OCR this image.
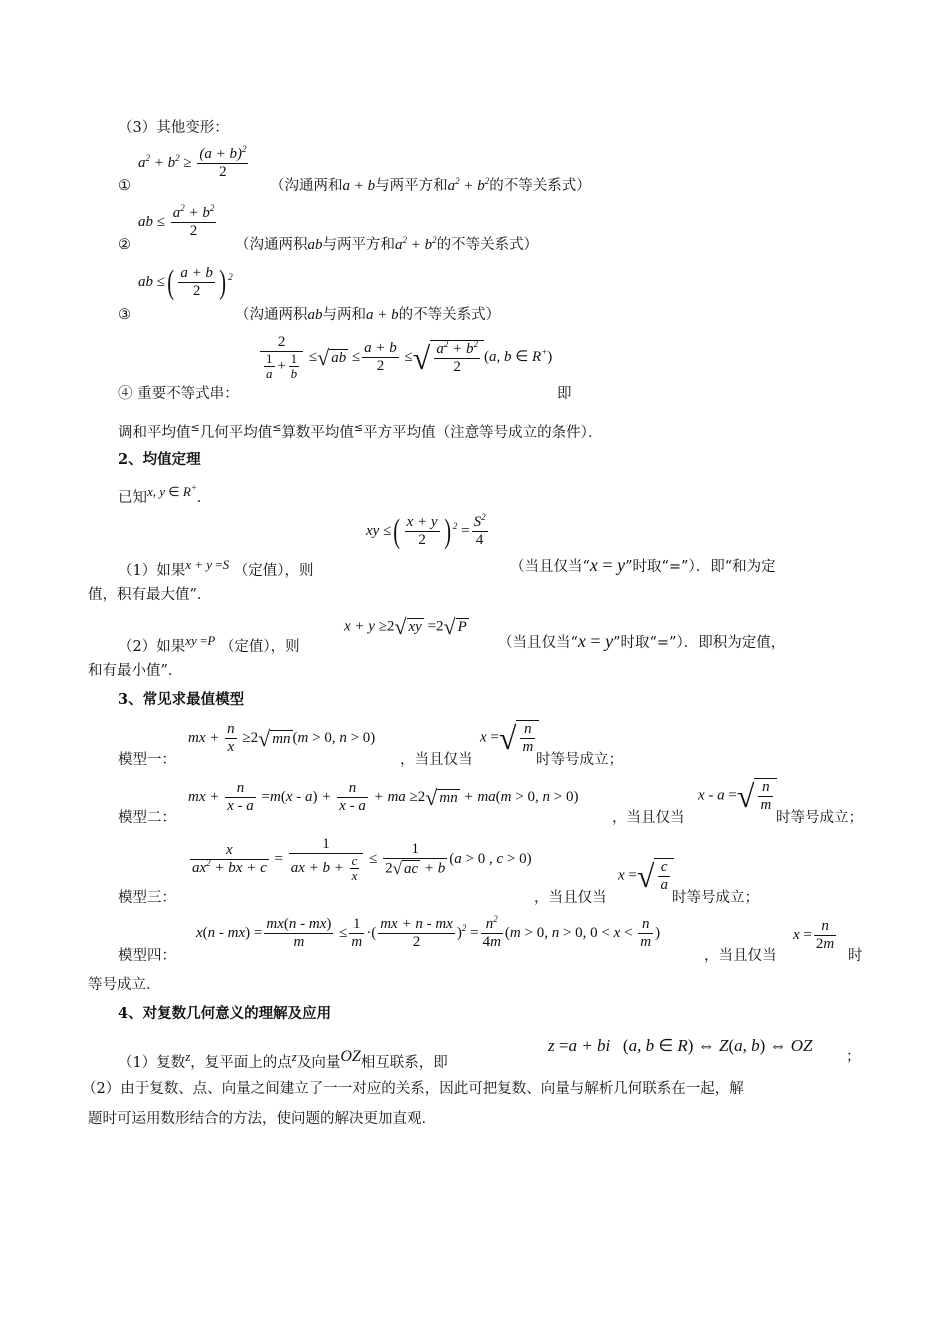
（3）其他变形：
①
$a^2 + b^2 \ge \frac{(a + b)^2}{2}$
（沟通两和a + b与两平方和$a^2 + b^2$的不等关系式）
②
ab ≤ $\frac{a^2 + b^2}{2}$
（沟通两积ab与两平方和$a^2 + b^2$的不等关系式）
③
ab ≤( $\frac{a + b}{2}$ ) $^2$
（沟通两积ab与两和a + b的不等关系式）
$\frac{2}{\frac{1}{a} + \frac{1}{b}}$ ≤√ ab ≤ $\frac{a + b}{2}$ ≤√ $\frac{a^2 + b^2}{2} (a$, b ∈ R+)
④ 重要不等式串：	即
调和平均值≤几何平均值≤算数平均值≤平方平均值（注意等号成立的条件）．
2、均值定理
已知x, y ∈ R+．
（1）如果x + y =S （定值），则
xy ≤( $\frac{x + y}{2}$ ) $^2 = \frac{S^2}{4}$
（当且仅当“x = y”时取“=”）．即“和为定
值，积有最大值”．
（2）如果xy =P （定值），则
x + y ≥2√ xy =2√ P
（当且仅当“x = y”时取“=”）．即积为定值，
和有最小值”．
3、常见求最值模型
模型一：
mx + $\frac{n}{x} \ge 2√$ mn (m > 0, n > 0)
，当且仅当
x =√ $\frac{n}{m}$
时等号成立；
模型二：
mx + $\frac{n}{x - a} =m(x - a) + \frac{n}{x - a}$ + ma ≥2√ mn + ma(m > 0, n > 0)
，当且仅当
x - a =√ $\frac{n}{m}$
时等号成立；
模型三：
$\frac{x}{ax^2 + bx + c} = \frac{1}{ax + b + \frac{c}{x}} \le \frac{1}{2√ ac + b} (a > 0$ , c > 0)
，当且仅当
x =√ $\frac{c}{a}$
时等号成立；
模型四：
$x(n - mx) = \frac{mx(n - mx)}{m} \le \frac{1}{m}$ ·( $\frac{mx + n - mx}{2} )^2 = \frac{n^2}{4m} (m > 0$, n > 0, $0 < x < \frac{n}{m}$ )
，当且仅当
$x = \frac{n}{2m}$
时
等号成立．
4、对复数几何意义的理解及应用
（1）复数z，复平面上的点z及向量OZ相互联系，即
z =a + bi   (a, b ∈ R) ⇔ Z(a, b) ⇔ OZ
；
（2）由于复数、点、向量之间建立了一一对应的关系，因此可把复数、向量与解析几何联系在一起，解
题时可运用数形结合的方法，使问题的解决更加直观．
